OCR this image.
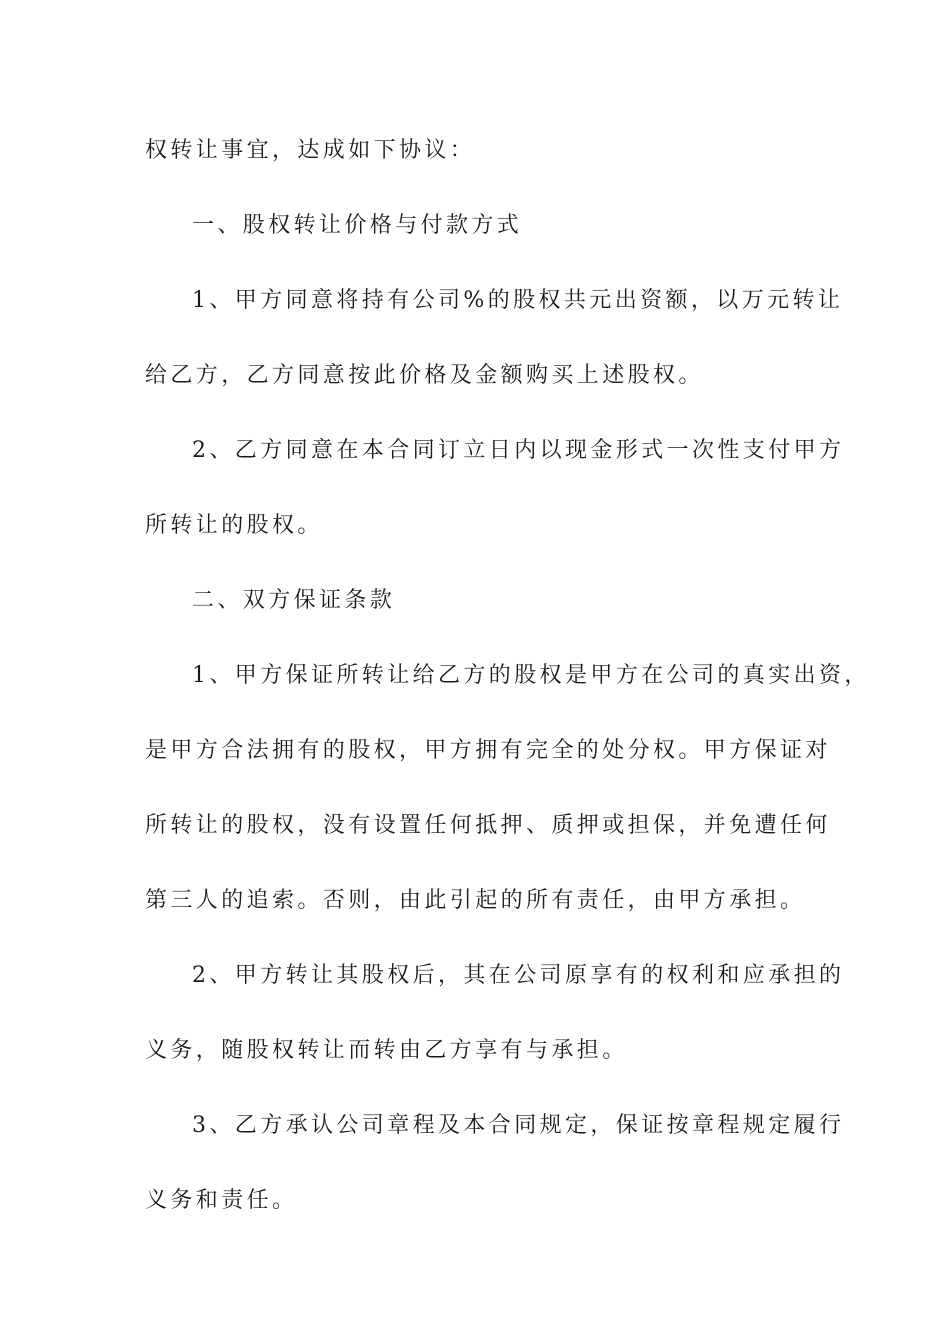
权转让事宜，达成如下协议：
一、股权转让价格与付款方式
1、甲方同意将持有公司%的股权共元出资额，以万元转让
给乙方，乙方同意按此价格及金额购买上述股权。
2、乙方同意在本合同订立日内以现金形式一次性支付甲方
所转让的股权。
二、双方保证条款
1、甲方保证所转让给乙方的股权是甲方在公司的真实出资，
是甲方合法拥有的股权，甲方拥有完全的处分权。甲方保证对
所转让的股权，没有设置任何抵押、质押或担保，并免遭任何
第三人的追索。否则，由此引起的所有责任，由甲方承担。
2、甲方转让其股权后，其在公司原享有的权利和应承担的
义务，随股权转让而转由乙方享有与承担。
3、乙方承认公司章程及本合同规定，保证按章程规定履行
义务和责任。
